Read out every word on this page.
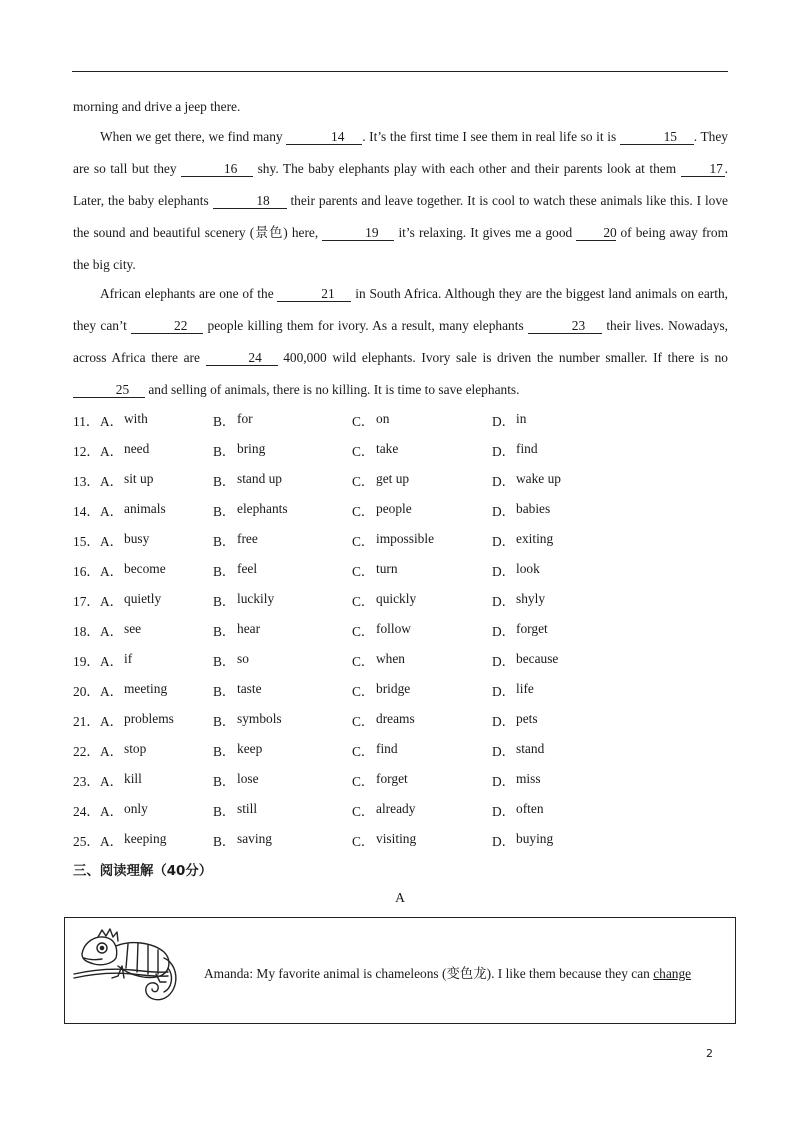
morning and drive a jeep there.
When we get there, we find many	14 . It’s the first time I see them in real life so it is	15 . They are so tall but they	16 shy. The baby elephants play with each other and their parents look at them 17 . Later, the baby elephants	18 their parents and leave together. It is cool to watch these animals like this. I love the sound and beautiful scenery (景色) here,	19 it’s relaxing. It gives me a good 20 of being away from the big city.
African elephants are one of the	21 in South Africa. Although they are the biggest land animals on earth, they can’t	22 people killing them for ivory. As a result, many elephants	23 their lives. Nowadays, across Africa there are	24 400,000 wild elephants. Ivory sale is driven the number smaller. If there is no 25 and selling of animals, there is no killing. It is time to save elephants.
11． A． with	B． for	C． on	D． in
12． A． need	B． bring	C． take	D． find
13． A． sit up	B． stand up	C． get up	D． wake up
14． A． animals	B． elephants	C． people	D． babies
15． A． busy	B． free	C． impossible	D． exiting
16． A． become	B． feel	C． turn	D． look
17． A． quietly	B． luckily	C． quickly	D． shyly
18． A． see	B． hear	C． follow	D． forget
19． A． if	B． so	C． when	D． because
20． A． meeting	B． taste	C． bridge	D． life
21． A． problems	B． symbols	C． dreams	D． pets
22． A． stop	B． keep	C． find	D． stand
23． A． kill	B． lose	C． forget	D． miss
24． A． only	B． still	C． already	D． often
25． A． keeping	B． saving	C． visiting	D． buying
三、阅读理解（40分）
A
Amanda: My favorite animal is chameleons (变色龙). I like them because they can change
2
